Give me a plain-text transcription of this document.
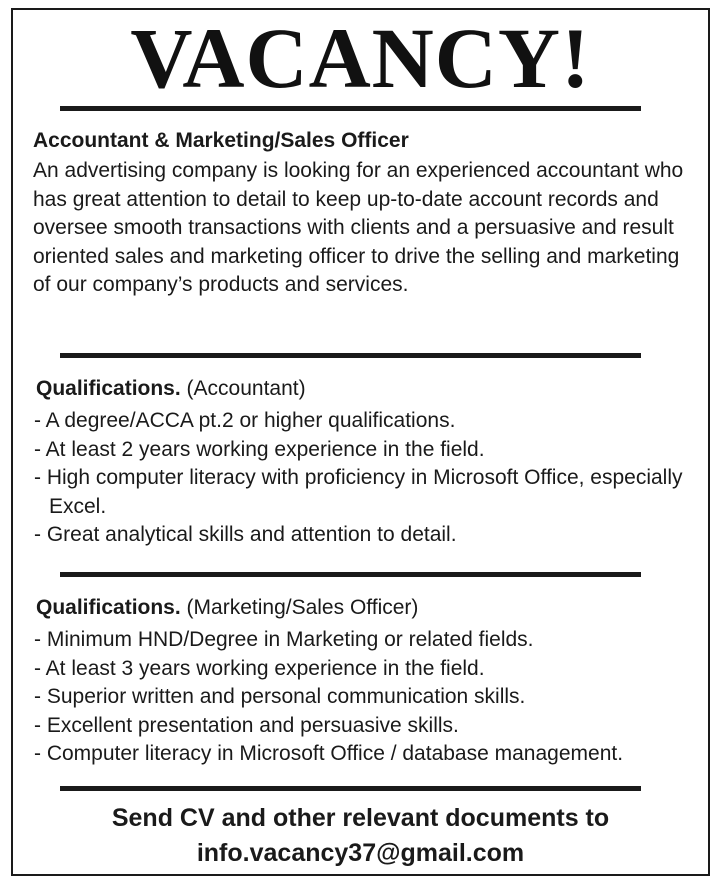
VACANCY!
Accountant & Marketing/Sales Officer
An advertising company is looking for an experienced accountant who has great attention to detail to keep up-to-date account records and oversee smooth transactions with clients and a persuasive and result oriented sales and marketing officer to drive the selling and marketing of our company’s products and services.
Qualifications. (Accountant)
- A degree/ACCA pt.2 or higher qualifications.
- At least 2 years working experience in the field.
- High computer literacy with proficiency in Microsoft Office, especially Excel.
- Great analytical skills and attention to detail.
Qualifications. (Marketing/Sales Officer)
- Minimum HND/Degree in Marketing or related fields.
- At least 3 years working experience in the field.
- Superior written and personal communication skills.
- Excellent presentation and persuasive skills.
- Computer literacy in Microsoft Office / database management.
Send CV and other relevant documents to
info.vacancy37@gmail.com
